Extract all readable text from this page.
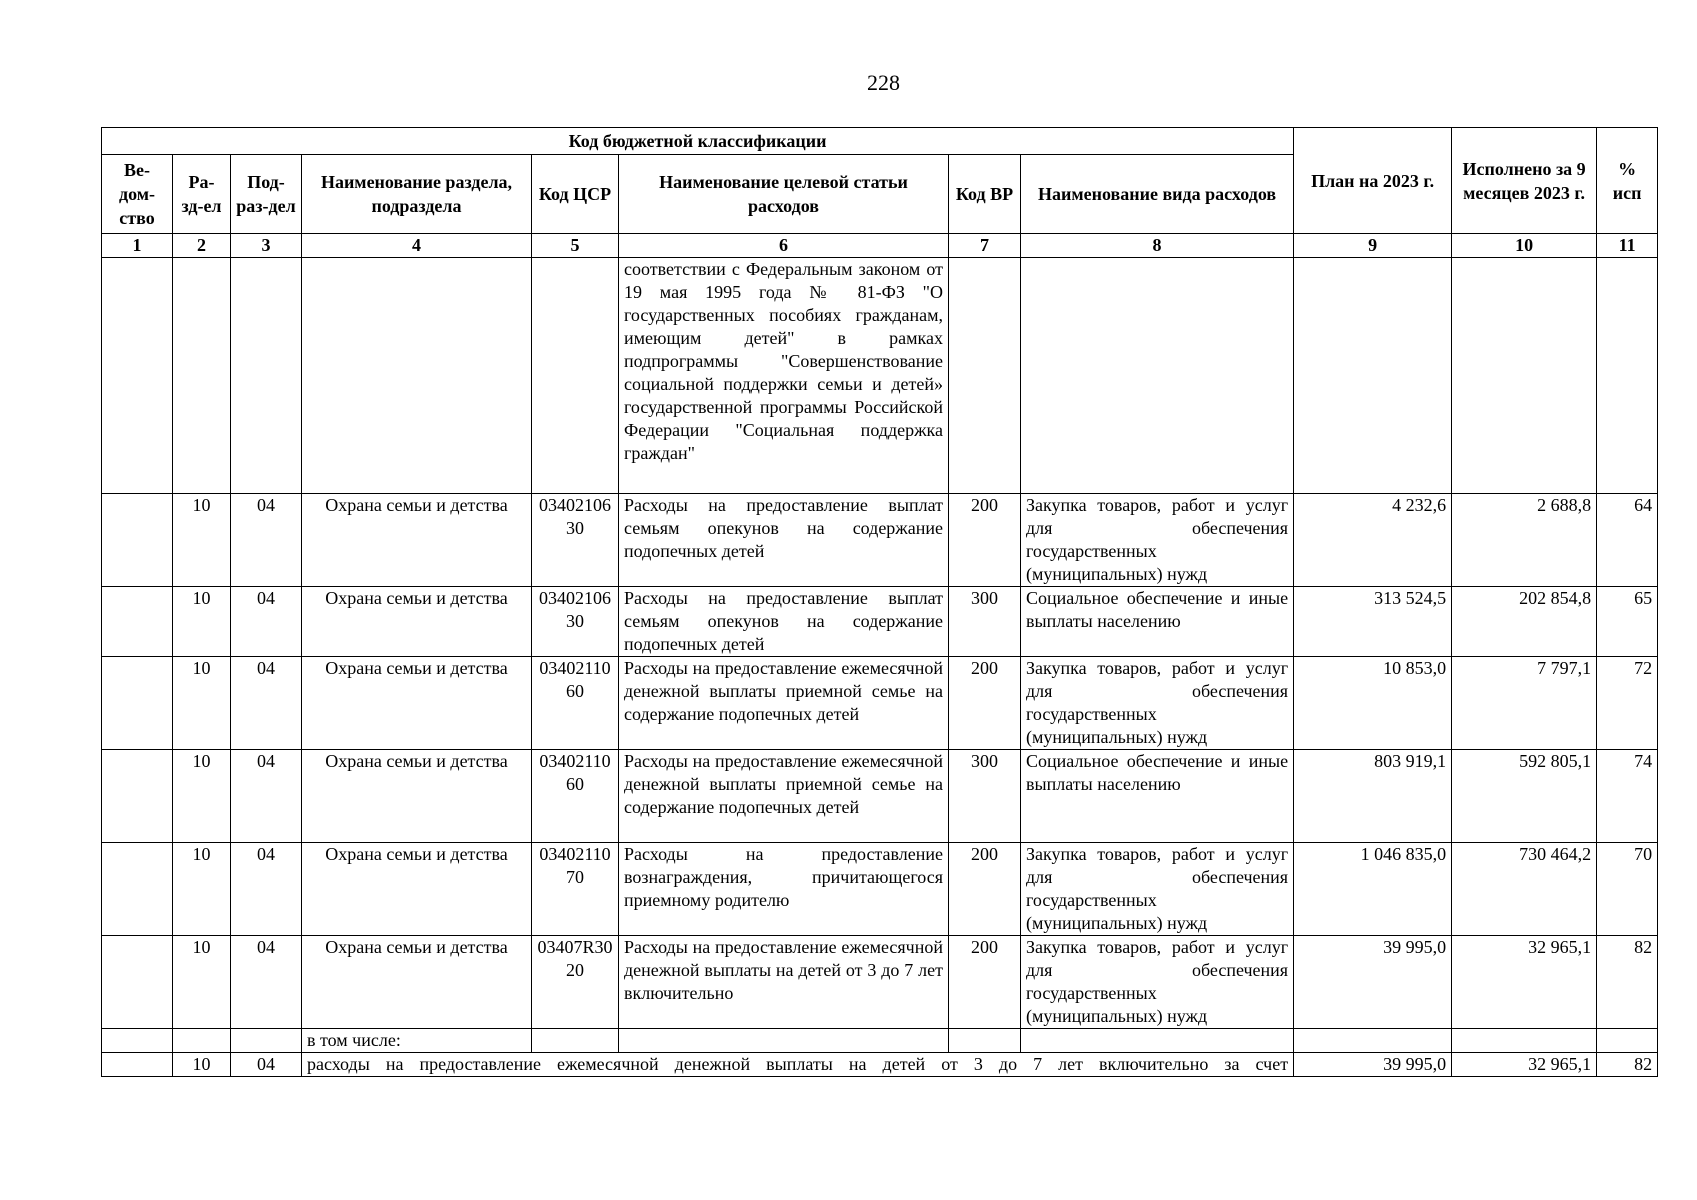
228
Код бюджетной классификации								План на 2023 г.	Исполнено за 9 месяцев 2023 г.	% исп
Ве-дом-ство	Ра-зд-ел	Под-раз-дел	Наименование раздела, подраздела	Код ЦСР	Наименование целевой статьи расходов	Код ВР	Наименование вида расходов			
1	2	3	4	5	6	7	8	9	10	11
					соответствии с Федеральным законом от 19 мая 1995 года № 81-ФЗ "О государственных пособиях гражданам, имеющим детей" в рамках подпрограммы "Совершенствование социальной поддержки семьи и детей» государственной программы Российской Федерации "Социальная поддержка граждан"					
	10	04	Охрана семьи и детства	0340210630	Расходы на предоставление выплат семьям опекунов на содержание подопечных детей	200	Закупка товаров, работ и услуг для обеспечения государственных (муниципальных) нужд	4 232,6	2 688,8	64
	10	04	Охрана семьи и детства	0340210630	Расходы на предоставление выплат семьям опекунов на содержание подопечных детей	300	Социальное обеспечение и иные выплаты населению	313 524,5	202 854,8	65
	10	04	Охрана семьи и детства	0340211060	Расходы на предоставление ежемесячной денежной выплаты приемной семье на содержание подопечных детей	200	Закупка товаров, работ и услуг для обеспечения государственных (муниципальных) нужд	10 853,0	7 797,1	72
	10	04	Охрана семьи и детства	0340211060	Расходы на предоставление ежемесячной денежной выплаты приемной семье на содержание подопечных детей	300	Социальное обеспечение и иные выплаты населению	803 919,1	592 805,1	74
	10	04	Охрана семьи и детства	0340211070	Расходы на предоставление вознаграждения, причитающегося приемному родителю	200	Закупка товаров, работ и услуг для обеспечения государственных (муниципальных) нужд	1 046 835,0	730 464,2	70
	10	04	Охрана семьи и детства	03407R3020	Расходы на предоставление ежемесячной денежной выплаты на детей от 3 до 7 лет включительно	200	Закупка товаров, работ и услуг для обеспечения государственных (муниципальных) нужд	39 995,0	32 965,1	82
			в том числе:							
	10	04	расходы на предоставление ежемесячной денежной выплаты на детей от 3 до 7 лет включительно за счет					39 995,0	32 965,1	82
